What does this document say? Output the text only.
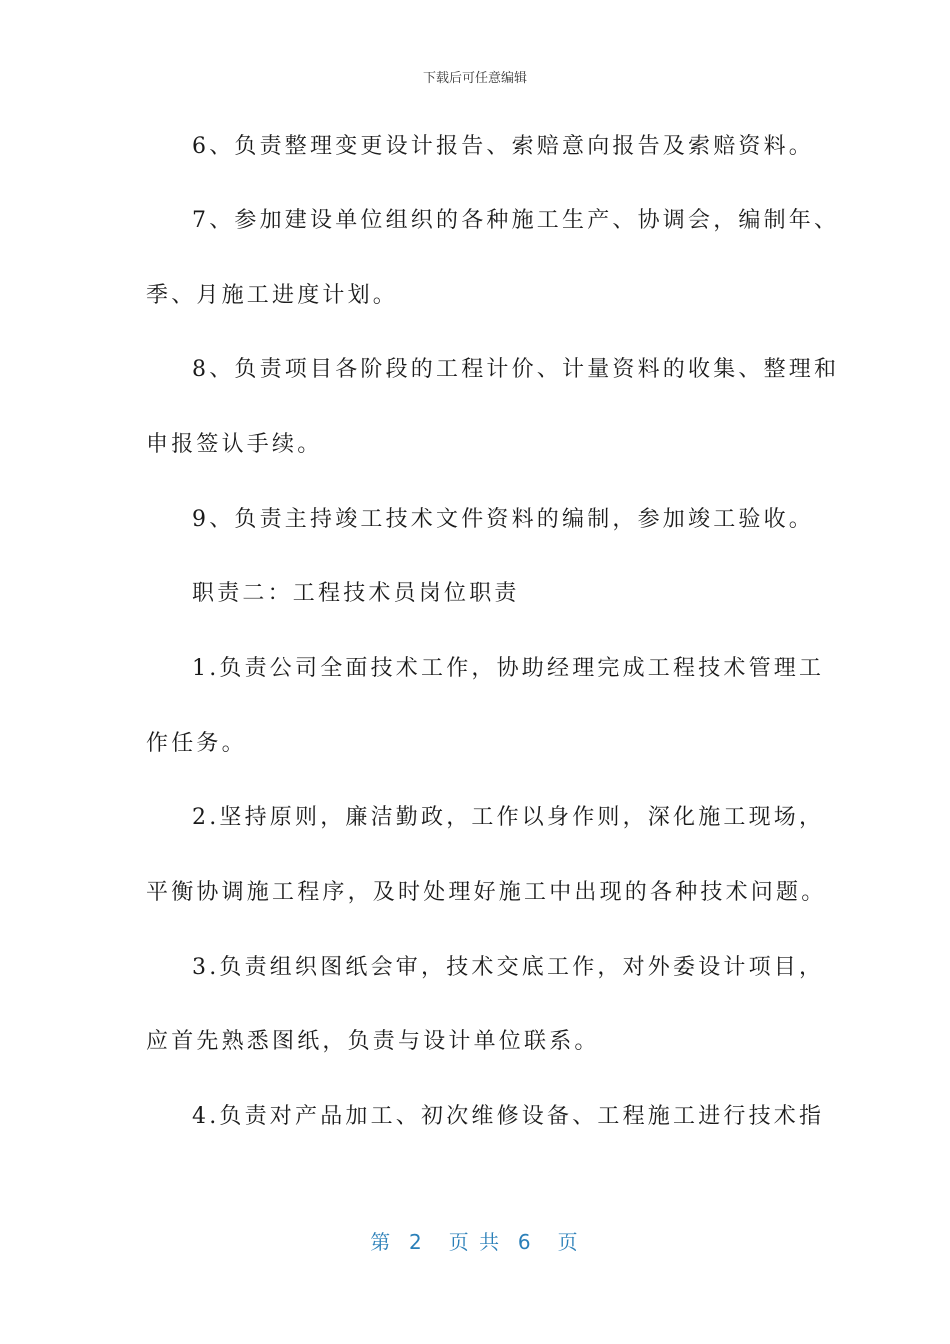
下载后可任意编辑
6、负责整理变更设计报告、索赔意向报告及索赔资料。
7、参加建设单位组织的各种施工生产、协调会，编制年、
季、月施工进度计划。
8、负责项目各阶段的工程计价、计量资料的收集、整理和
申报签认手续。
9、负责主持竣工技术文件资料的编制，参加竣工验收。
职责二：工程技术员岗位职责
1.负责公司全面技术工作，协助经理完成工程技术管理工
作任务。
2.坚持原则，廉洁勤政，工作以身作则，深化施工现场，
平衡协调施工程序，及时处理好施工中出现的各种技术问题。
3.负责组织图纸会审，技术交底工作，对外委设计项目，
应首先熟悉图纸，负责与设计单位联系。
4.负责对产品加工、初次维修设备、工程施工进行技术指
第  2   页 共  6   页
